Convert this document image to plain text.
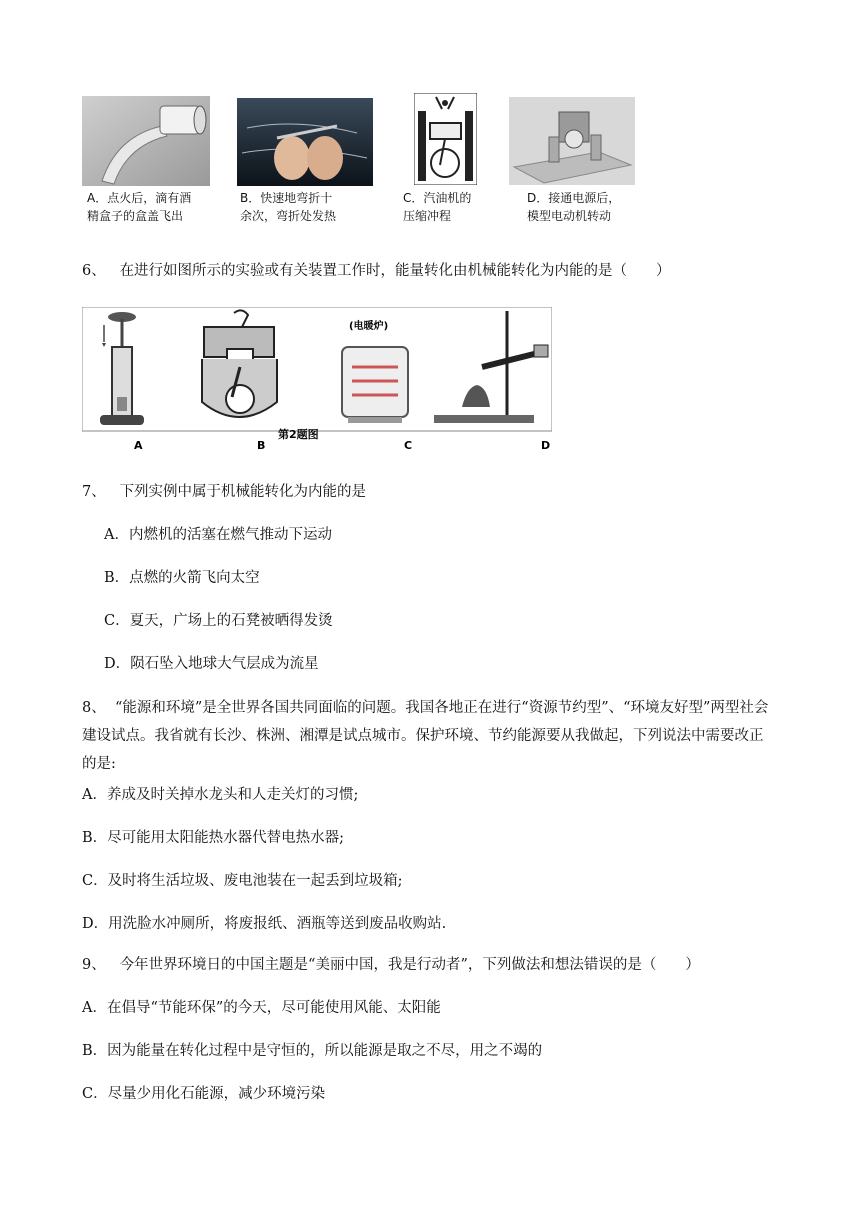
A．点火后，滴有酒
精盒子的盒盖飞出
B．快速地弯折十
余次，弯折处发热
C．汽油机的
压缩冲程
D．接通电源后，
模型电动机转动
6、 在进行如图所示的实验或有关装置工作时，能量转化由机械能转化为内能的是（　　）
A	B
第2题图
(电暖炉)
C	D
7、 下列实例中属于机械能转化为内能的是
A．内燃机的活塞在燃气推动下运动
B．点燃的火箭飞向太空
C．夏天，广场上的石凳被晒得发烫
D．陨石坠入地球大气层成为流星
8、 “能源和环境”是全世界各国共同面临的问题。我国各地正在进行“资源节约型”、“环境友好型”两型社会建设试点。我省就有长沙、株洲、湘潭是试点城市。保护环境、节约能源要从我做起，下列说法中需要改正的是:
A．养成及时关掉水龙头和人走关灯的习惯;
B．尽可能用太阳能热水器代替电热水器;
C．及时将生活垃圾、废电池装在一起丢到垃圾箱;
D．用洗脸水冲厕所，将废报纸、酒瓶等送到废品收购站.
9、 今年世界环境日的中国主题是“美丽中国，我是行动者”，下列做法和想法错误的是（　　）
A．在倡导“节能环保”的今天，尽可能使用风能、太阳能
B．因为能量在转化过程中是守恒的，所以能源是取之不尽，用之不竭的
C．尽量少用化石能源，减少环境污染
